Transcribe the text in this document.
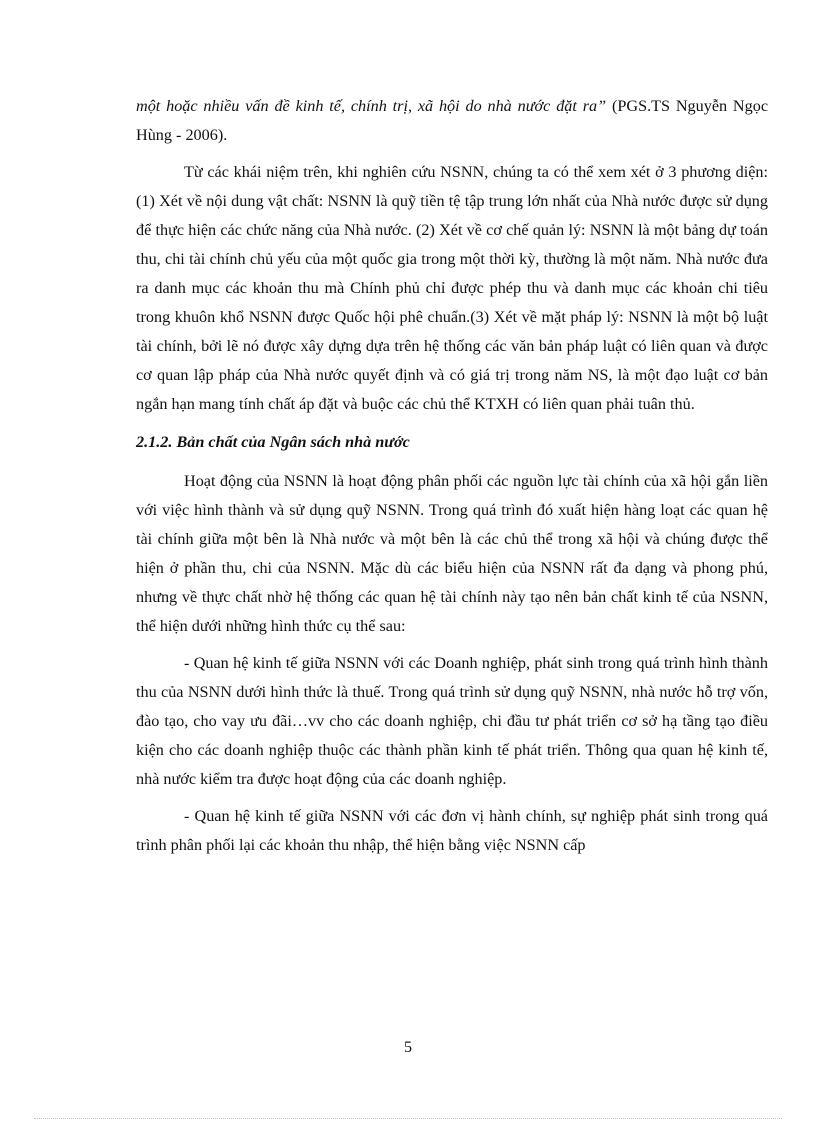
một hoặc nhiều vấn đề kinh tế, chính trị, xã hội do nhà nước đặt ra” (PGS.TS Nguyễn Ngọc Hùng - 2006).

Từ các khái niệm trên, khi nghiên cứu NSNN, chúng ta có thể xem xét ở 3 phương diện: (1) Xét về nội dung vật chất: NSNN là quỹ tiền tệ tập trung lớn nhất của Nhà nước được sử dụng để thực hiện các chức năng của Nhà nước. (2) Xét về cơ chế quản lý: NSNN là một bảng dự toán thu, chi tài chính chủ yếu của một quốc gia trong một thời kỳ, thường là một năm. Nhà nước đưa ra danh mục các khoản thu mà Chính phủ chỉ được phép thu và danh mục các khoản chi tiêu trong khuôn khổ NSNN được Quốc hội phê chuẩn.(3) Xét về mặt pháp lý: NSNN là một bộ luật tài chính, bởi lẽ nó được xây dựng dựa trên hệ thống các văn bản pháp luật có liên quan và được cơ quan lập pháp của Nhà nước quyết định và có giá trị trong năm NS, là một đạo luật cơ bản ngắn hạn mang tính chất áp đặt và buộc các chủ thể KTXH có liên quan phải tuân thủ.

2.1.2. Bản chất của Ngân sách nhà nước

Hoạt động của NSNN là hoạt động phân phối các nguồn lực tài chính của xã hội gắn liền với việc hình thành và sử dụng quỹ NSNN. Trong quá trình đó xuất hiện hàng loạt các quan hệ tài chính giữa một bên là Nhà nước và một bên là các chủ thể trong xã hội và chúng được thể hiện ở phần thu, chi của NSNN. Mặc dù các biểu hiện của NSNN rất đa dạng và phong phú, nhưng về thực chất nhờ hệ thống các quan hệ tài chính này tạo nên bản chất kinh tế của NSNN, thể hiện dưới những hình thức cụ thể sau:

- Quan hệ kinh tế giữa NSNN với các Doanh nghiệp, phát sinh trong quá trình hình thành thu của NSNN dưới hình thức là thuế. Trong quá trình sử dụng quỹ NSNN, nhà nước hỗ trợ vốn, đào tạo, cho vay ưu đãi…vv cho các doanh nghiệp, chi đầu tư phát triển cơ sở hạ tầng tạo điều kiện cho các doanh nghiệp thuộc các thành phần kinh tế phát triển. Thông qua quan hệ kinh tế, nhà nước kiểm tra được hoạt động của các doanh nghiệp.

- Quan hệ kinh tế giữa NSNN với các đơn vị hành chính, sự nghiệp phát sinh trong quá trình phân phối lại các khoản thu nhập, thể hiện bằng việc NSNN cấp

5
